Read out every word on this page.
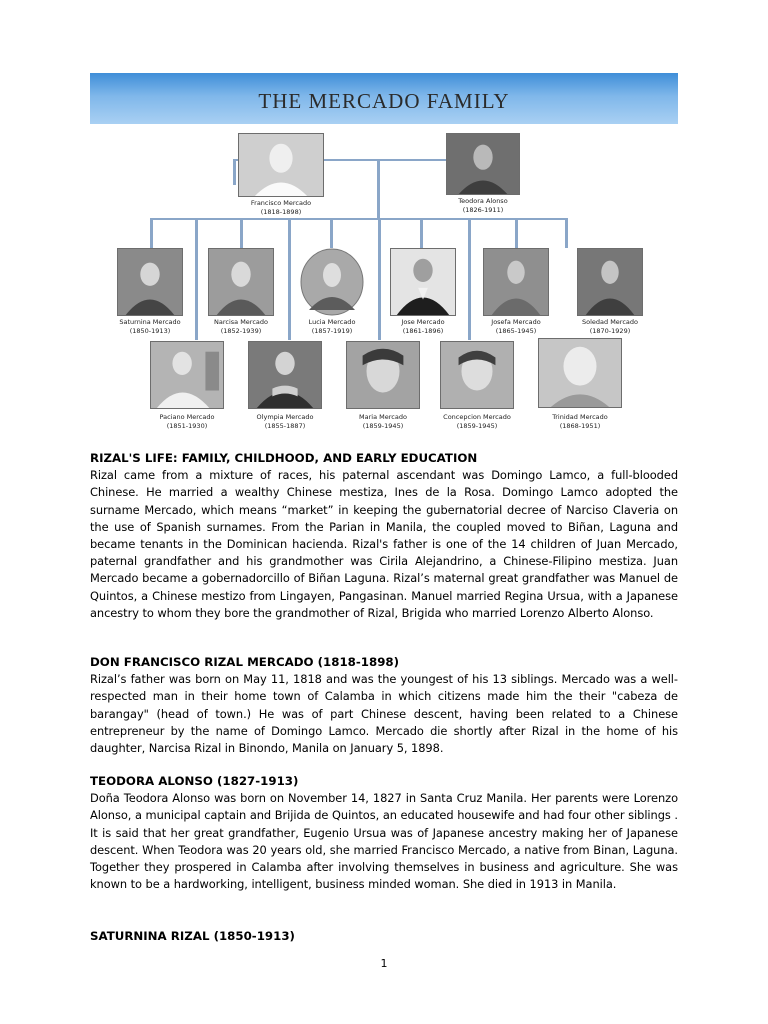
THE MERCADO FAMILY
Francisco Mercado
(1818-1898)
Teodora Alonso
(1826-1911)
Saturnina Mercado
(1850-1913)
Narcisa Mercado
(1852-1939)
Lucia Mercado
(1857-1919)
Jose Mercado
(1861-1896)
Josefa Mercado
(1865-1945)
Soledad Mercado
(1870-1929)
Paciano Mercado
(1851-1930)
Olympia Mercado
(1855-1887)
Maria Mercado
(1859-1945)
Concepcion Mercado
(1859-1945)
Trinidad Mercado
(1868-1951)
RIZAL'S LIFE: FAMILY, CHILDHOOD, AND EARLY EDUCATION

Rizal came from a mixture of races, his paternal ascendant was Domingo Lamco, a full-blooded Chinese. He married a wealthy Chinese mestiza, Ines de la Rosa. Domingo Lamco adopted the surname Mercado, which means “market” in keeping the gubernatorial decree of Narciso Claveria on the use of Spanish surnames. From the Parian in Manila, the coupled moved to Biñan, Laguna and became tenants in the Dominican hacienda. Rizal's father is one of the 14 children of Juan Mercado, paternal grandfather and his grandmother was Cirila Alejandrino, a Chinese-Filipino mestiza. Juan Mercado became a gobernadorcillo of Biñan Laguna. Rizal’s maternal great grandfather was Manuel de Quintos, a Chinese mestizo from Lingayen, Pangasinan. Manuel married Regina Ursua, with a Japanese ancestry to whom they bore the grandmother of Rizal, Brigida who married Lorenzo Alberto Alonso.

DON FRANCISCO RIZAL MERCADO (1818-1898)

Rizal’s father was born on May 11, 1818 and was the youngest of his 13 siblings. Mercado was a well-respected man in their home town of Calamba in which citizens made him the their "cabeza de barangay" (head of town.) He was of part Chinese descent, having been related to a Chinese entrepreneur by the name of Domingo Lamco. Mercado die shortly after Rizal in the home of his daughter, Narcisa Rizal in Binondo, Manila on January 5, 1898.

TEODORA ALONSO (1827-1913)

Doña Teodora Alonso was born on November 14, 1827 in Santa Cruz Manila. Her parents were Lorenzo Alonso, a municipal captain and Brijida de Quintos, an educated housewife and had four other siblings . It is said that her great grandfather, Eugenio Ursua was of Japanese ancestry making her of Japanese descent. When Teodora was 20 years old, she married Francisco Mercado, a native from Binan, Laguna. Together they prospered in Calamba after involving themselves in business and agriculture. She was known to be a hardworking, intelligent, business minded woman. She died in 1913 in Manila.

SATURNINA RIZAL (1850-1913)
1
